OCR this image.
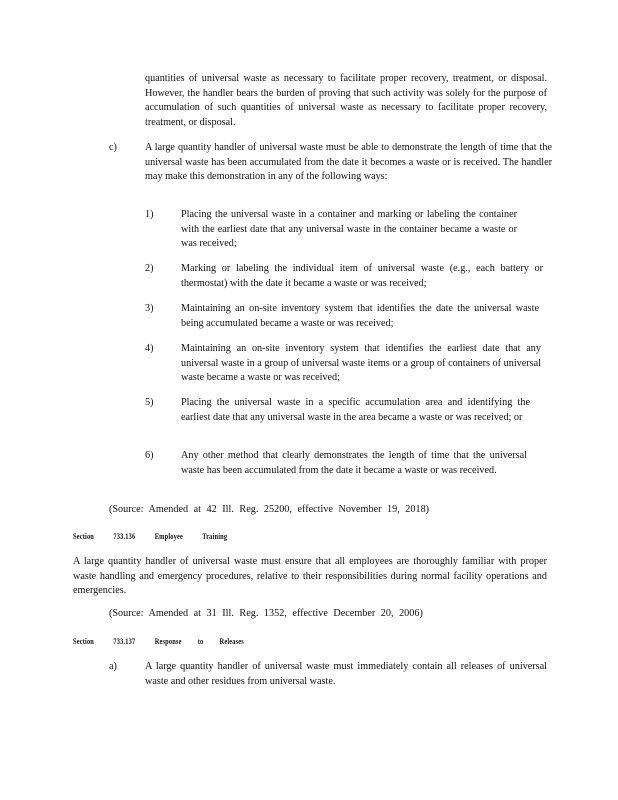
quantities of universal waste as necessary to facilitate proper recovery, treatment, or disposal. However, the handler bears the burden of proving that such activity was solely for the purpose of accumulation of such quantities of universal waste as necessary to facilitate proper recovery, treatment, or disposal.

c)	A large quantity handler of universal waste must be able to demonstrate the length of time that the universal waste has been accumulated from the date it becomes a waste or is received. The handler may make this demonstration in any of the following ways:

1)	Placing the universal waste in a container and marking or labeling the container with the earliest date that any universal waste in the container became a waste or was received;

2)	Marking or labeling the individual item of universal waste (e.g., each battery or thermostat) with the date it became a waste or was received;

3)	Maintaining an on-site inventory system that identifies the date the universal waste being accumulated became a waste or was received;

4)	Maintaining an on-site inventory system that identifies the earliest date that any universal waste in a group of universal waste items or a group of containers of universal waste became a waste or was received;

5)	Placing the universal waste in a specific accumulation area and identifying the earliest date that any universal waste in the area became a waste or was received; or

6)	Any other method that clearly demonstrates the length of time that the universal waste has been accumulated from the date it became a waste or was received.

(Source: Amended at 42 Ill. Reg. 25200, effective November 19, 2018)
Section 733.136 Employee Training

A large quantity handler of universal waste must ensure that all employees are thoroughly familiar with proper waste handling and emergency procedures, relative to their responsibilities during normal facility operations and emergencies.

(Source: Amended at 31 Ill. Reg. 1352, effective December 20, 2006)
Section 733.137 Response to Releases
a)	A large quantity handler of universal waste must immediately contain all releases of universal waste and other residues from universal waste.
